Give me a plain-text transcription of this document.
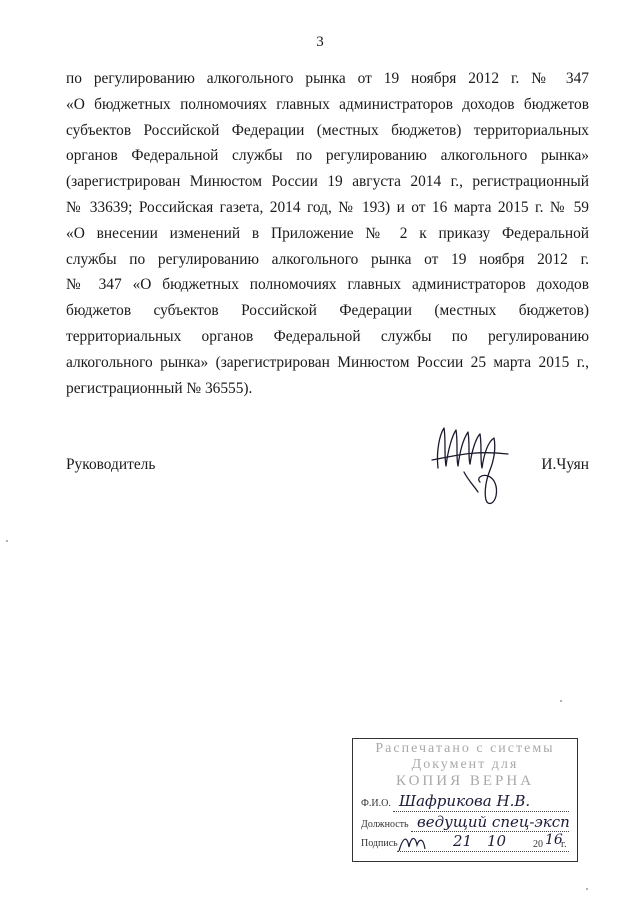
3
по регулированию алкогольного рынка от 19 ноября 2012 г. № 347
«О бюджетных полномочиях главных администраторов доходов бюджетов
субъектов Российской Федерации (местных бюджетов) территориальных
органов Федеральной службы по регулированию алкогольного рынка»
(зарегистрирован Минюстом России 19 августа 2014 г., регистрационный
№ 33639; Российская газета, 2014 год, № 193) и от 16 марта 2015 г. № 59
«О внесении изменений в Приложение № 2 к приказу Федеральной
службы по регулированию алкогольного рынка от 19 ноября 2012 г.
№ 347 «О бюджетных полномочиях главных администраторов доходов
бюджетов субъектов Российской Федерации (местных бюджетов)
территориальных органов Федеральной службы по регулированию
алкогольного рынка» (зарегистрирован Минюстом России 25 марта 2015 г.,
регистрационный № 36555).
Руководитель	И.Чуян
Распечатано с системы
Документ для
КОПИЯ ВЕРНА
Ф.И.О. Шафрикова Н.В.
Должность ведущий спец-эксп
Подпись	21 10	20 16
г.
